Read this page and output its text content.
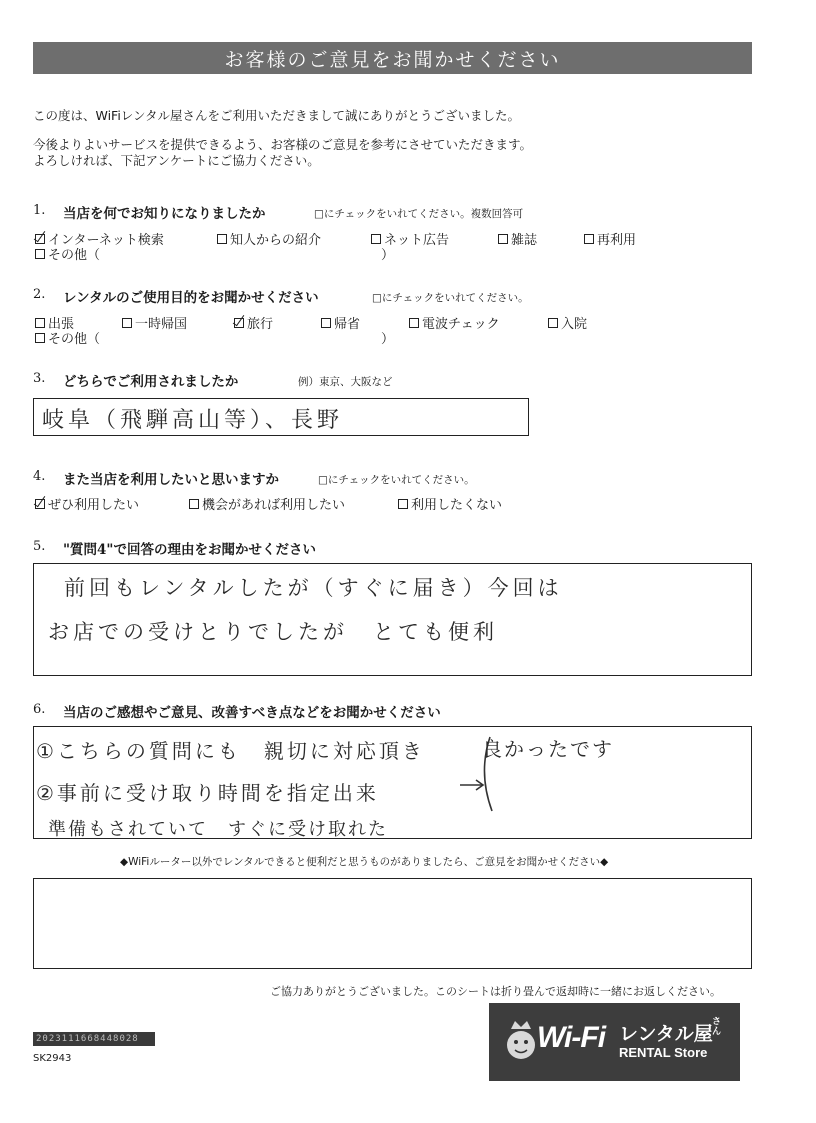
お客様のご意見をお聞かせください
この度は、WiFiレンタル屋さんをご利用いただきまして誠にありがとうございました。
今後よりよいサービスを提供できるよう、お客様のご意見を参考にさせていただきます。
よろしければ、下記アンケートにご協力ください。
1. 当店を何でお知りになりましたか	□にチェックをいれてください。複数回答可
インターネット検索	知人からの紹介	ネット広告	雑誌	再利用
その他（	）
2. レンタルのご使用目的をお聞かせください	□にチェックをいれてください。
出張	一時帰国	旅行	帰省	電波チェック	入院
その他（	）
3. どちらでご利用されましたか	例）東京、大阪など
岐阜（飛騨高山等）、長野
4. また当店を利用したいと思いますか	□にチェックをいれてください。
ぜひ利用したい	機会があれば利用したい	利用したくない
5. "質問4"で回答の理由をお聞かせください
前回もレンタルしたが（すぐに届き）今回は
お店での受けとりでしたが　とても便利
6. 当店のご感想やご意見、改善すべき点などをお聞かせください
①こちらの質問にも　親切に対応頂き
②事前に受け取り時間を指定出来
準備もされていて　すぐに受け取れた
良かったです
◆WiFiルーター以外でレンタルできると便利だと思うものがありましたら、ご意見をお聞かせください◆
ご協力ありがとうございました。このシートは折り畳んで返却時に一緒にお返しください。
2023111668448028
SK2943
Wi-Fi レンタル屋
さん
RENTAL Store
